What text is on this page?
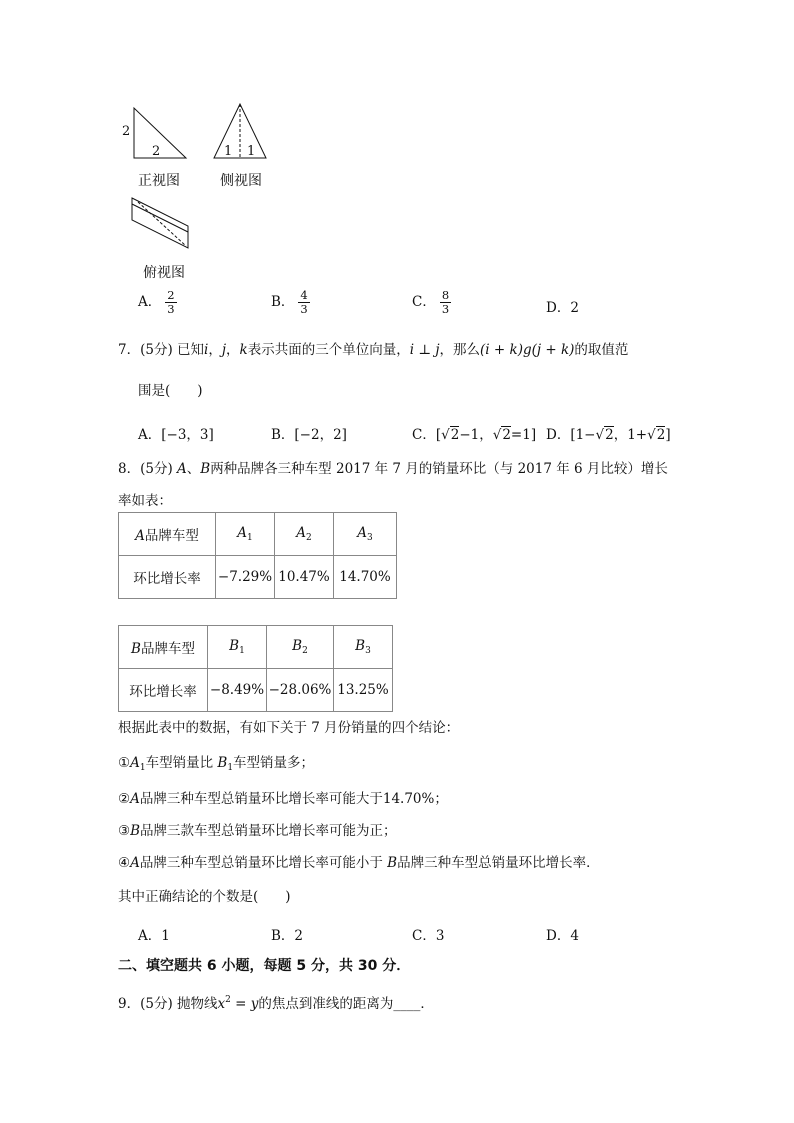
2
2	1 1
正视图	侧视图
俯视图
A． $\frac{2}{3}$	B． $\frac{4}{3}$	C． $\frac{8}{3}$	D．2
7．(5分) 已知i，j，k表示共面的三个单位向量，i ⊥ j，那么(i + k)g(j + k)的取值范
围是(　　)
A．[−3，3]	B．[−2，2]	C．[√2−1，√2=1] D．[1−√2，1+√2]
8．(5分) A、B两种品牌各三种车型 2017 年 7 月的销量环比（与 2017 年 6 月比较）增长
率如表：
A品牌车型	$A_1$	$A_2$	$A_3$
环比增长率	−7.29%	10.47%	14.70%
B品牌车型	$B_1$	$B_2$	$B_3$
环比增长率	−8.49%	−28.06%	13.25%
根据此表中的数据，有如下关于 7 月份销量的四个结论：
$①A_1$车型销量比 $B_1$车型销量多；
②A品牌三种车型总销量环比增长率可能大于14.70%；
③B品牌三款车型总销量环比增长率可能为正；
④A品牌三种车型总销量环比增长率可能小于 B品牌三种车型总销量环比增长率．
其中正确结论的个数是(　　)
A．1	B．2	C．3	D．4
二、填空题共 6 小题，每题 5 分，共 30 分．
9．(5分) 抛物线$x^2 = y$的焦点到准线的距离为____．
